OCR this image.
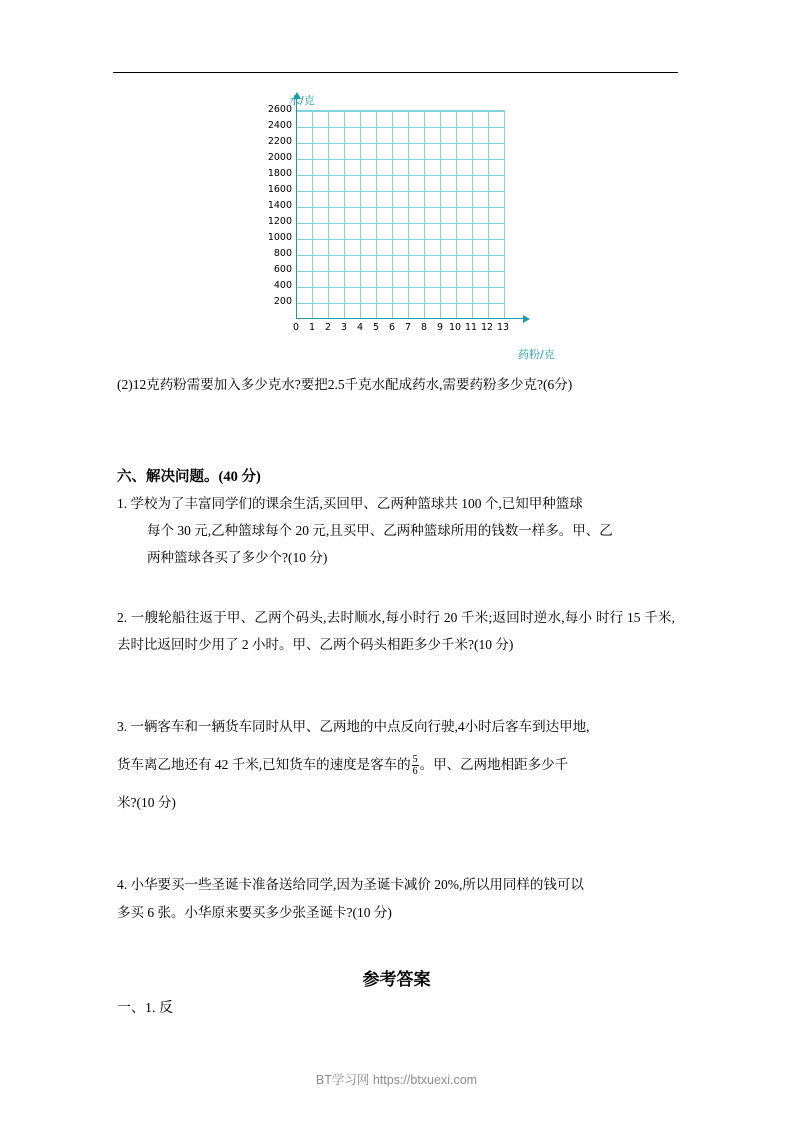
水/克
2600
2400
2200
2000
1800
1600
1400
1200
1000
800
600
400
200
0	1	2	3	4	5	6	7	8	9 10 11 12 13
药粉/克
(2)12克药粉需要加入多少克水?要把2.5千克水配成药水,需要药粉多少克?(6分)
六、解决问题。(40 分)
1. 学校为了丰富同学们的课余生活,买回甲、乙两种篮球共 100 个,已知甲种篮球
每个 30 元,乙种篮球每个 20 元,且买甲、乙两种篮球所用的钱数一样多。甲、乙
两种篮球各买了多少个?(10 分)
2. 一艘轮船往返于甲、乙两个码头,去时顺水,每小时行 20 千米;返回时逆水,每小 时行 15 千米,去时比返回时少用了 2 小时。甲、乙两个码头相距多少千米?(10 分)
3. 一辆客车和一辆货车同时从甲、乙两地的中点反向行驶,4小时后客车到达甲地,
货车离乙地还有 42 千米,已知货车的速度是客车的 $\frac{5}{6}$ 。甲、乙两地相距多少千
米?(10 分)
4. 小华要买一些圣诞卡准备送给同学,因为圣诞卡减价 20%,所以用同样的钱可以
多买 6 张。小华原来要买多少张圣诞卡?(10 分)
参考答案
一、1. 反
BT学习网 https://btxuexi.com
